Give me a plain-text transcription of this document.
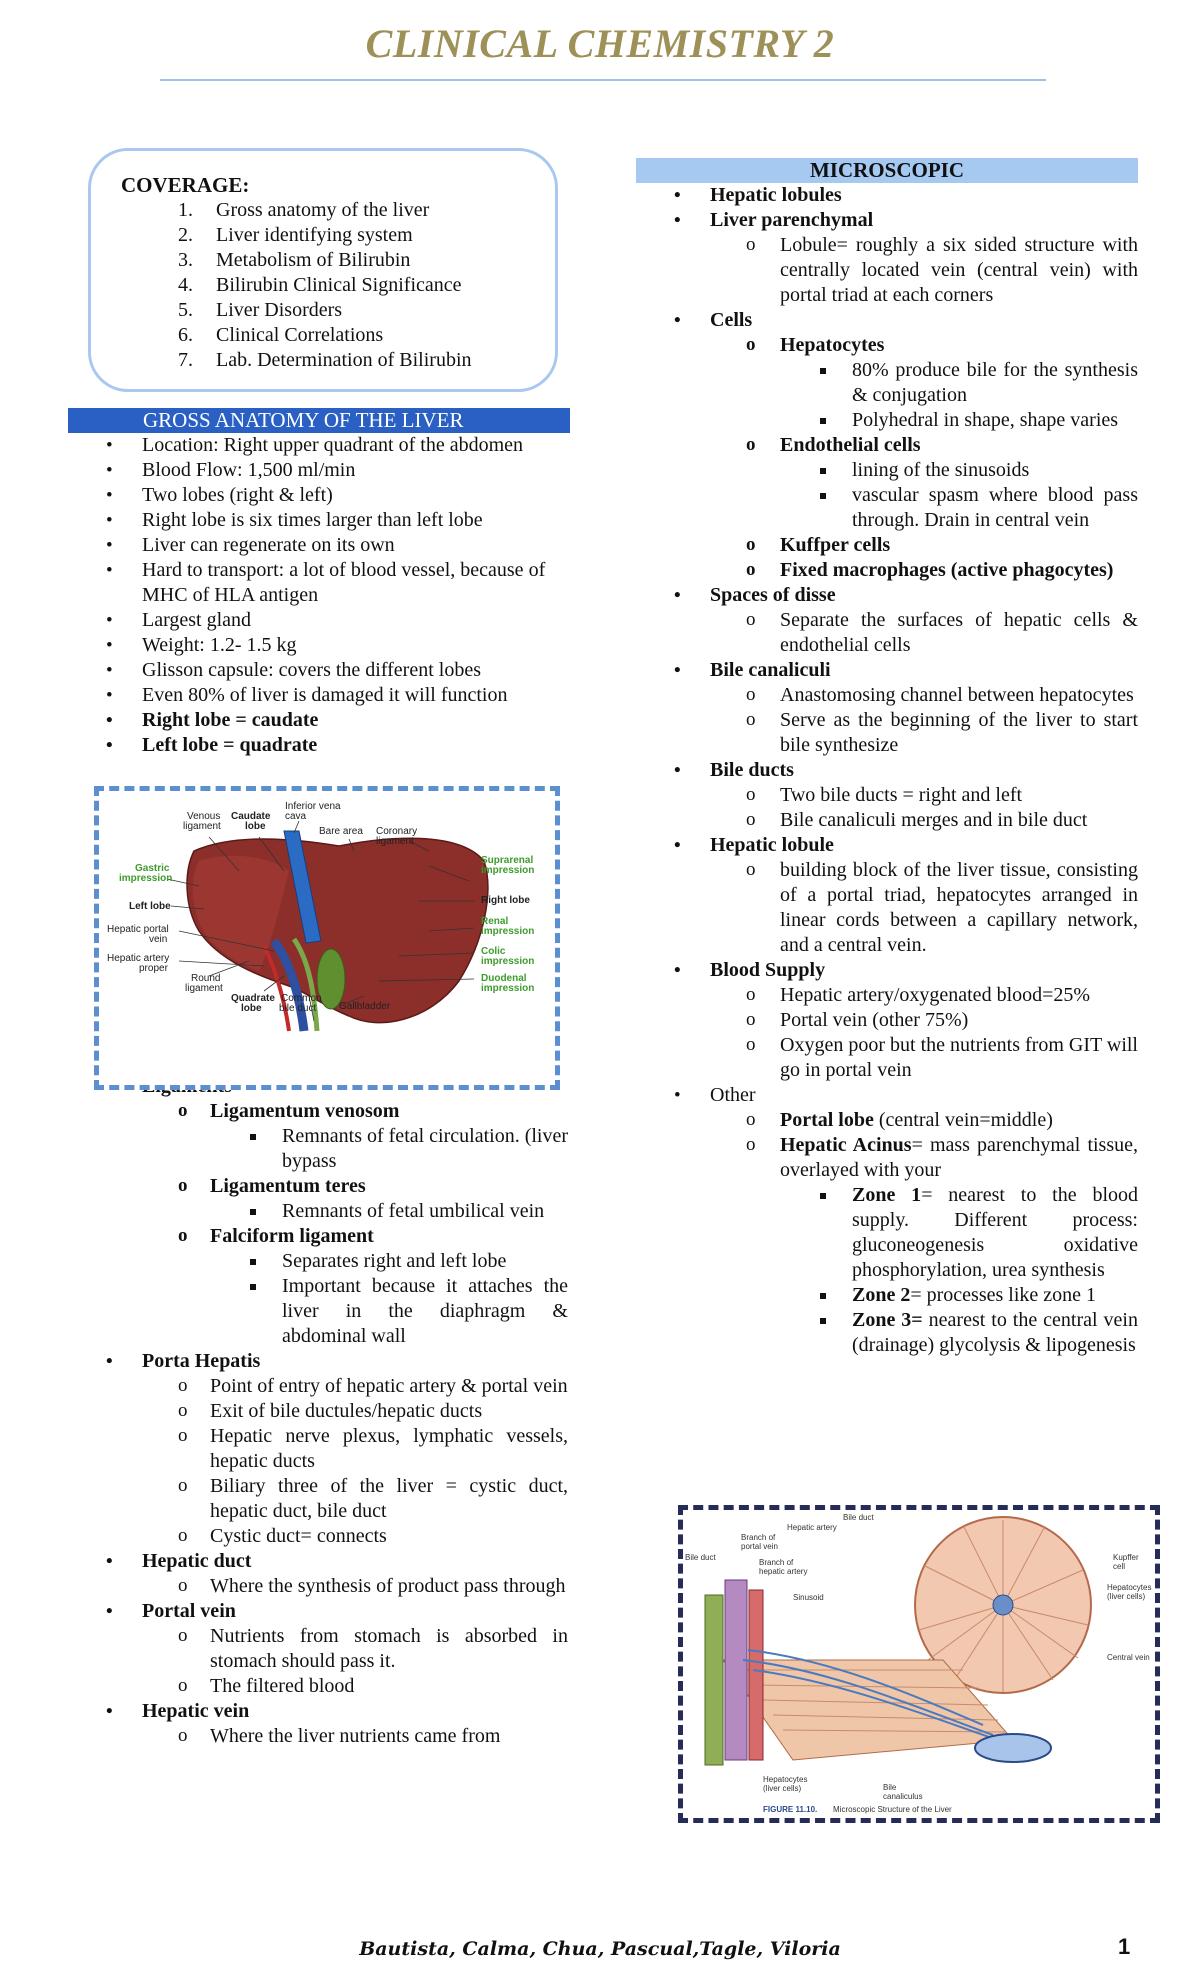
CLINICAL CHEMISTRY 2
COVERAGE:
1.	Gross anatomy of the liver
2.	Liver identifying system
3.	Metabolism of Bilirubin
4.	Bilirubin Clinical Significance
5.	Liver Disorders
6.	Clinical Correlations
7.	Lab. Determination of Bilirubin
GROSS ANATOMY OF THE LIVER
• Location: Right upper quadrant of the abdomen
• Blood Flow: 1,500 ml/min
• Two lobes (right & left)
• Right lobe is six times larger than left lobe
• Liver can regenerate on its own
• Hard to transport: a lot of blood vessel, because of MHC of HLA antigen
• Largest gland
• Weight: 1.2- 1.5 kg
• Glisson capsule: covers the different lobes
• Even 80% of liver is damaged it will function
• Right lobe = caudate
• Left lobe = quadrate
•
o Ligamentum venosom
Remnants of fetal circulation. (liver bypass
o Ligamentum teres
Remnants of fetal umbilical vein
o Falciform ligament
Separates right and left lobe
Important because it attaches the liver in the diaphragm & abdominal wall
• Porta Hepatis
o Point of entry of hepatic artery & portal vein
o Exit of bile ductules/hepatic ducts
o Hepatic nerve plexus, lymphatic vessels, hepatic ducts
o Biliary three of the liver = cystic duct, hepatic duct, bile duct
o Cystic duct= connects
• Hepatic duct
o Where the synthesis of product pass through
• Portal vein
o Nutrients from stomach is absorbed in stomach should pass it.
o The filtered blood
• Hepatic vein
o Where the liver nutrients came from
Venous
ligament
Caudate
lobe
Inferior vena
cava
Bare area Coronary
ligament
Gastric
impression
Left lobe
Hepatic portal
vein
Hepatic artery
proper
Round
ligament
Quadrate
lobe
Common
bile duct Gallbladder
Suprarenal
impression
Right lobe
Renal
impression
Colic
impression
Duodenal
impression
MICROSCOPIC
• Hepatic lobules
• Liver parenchymal
o Lobule= roughly a six sided structure with centrally located vein (central vein) with portal triad at each corners
• Cells
o Hepatocytes
80% produce bile for the synthesis & conjugation
Polyhedral in shape, shape varies
o Endothelial cells
lining of the sinusoids
vascular spasm where blood pass through. Drain in central vein
o Kuffper cells
o Fixed macrophages (active phagocytes)
• Spaces of disse
o Separate the surfaces of hepatic cells & endothelial cells
• Bile canaliculi
o Anastomosing channel between hepatocytes
o Serve as the beginning of the liver to start bile synthesize
• Bile ducts
o Two bile ducts = right and left
o Bile canaliculi merges and in bile duct
• Hepatic lobule
o building block of the liver tissue, consisting of a portal triad, hepatocytes arranged in linear cords between a capillary network, and a central vein.
• Blood Supply
o Hepatic artery/oxygenated blood=25%
o Portal vein (other 75%)
o Oxygen poor but the nutrients from GIT will go in portal vein
• Other
o Portal lobe (central vein=middle)
o Hepatic Acinus= mass parenchymal tissue, overlayed with your
Zone 1= nearest to the blood supply. Different process: gluconeogenesis oxidative phosphorylation, urea synthesis
Zone 2= processes like zone 1
Zone 3= nearest to the central vein (drainage) glycolysis & lipogenesis
Bile duct
Hepatic artery
Bile duct
Branch of
portal vein
Branch of
hepatic artery
Sinusoid
Kupffer
cell
Hepatocytes
(liver cells)
Central vein
Hepatocytes
(liver cells)	Bile
canaliculus
FIGURE 11.10. Microscopic Structure of the Liver
Bautista, Calma, Chua, Pascual,Tagle, Viloria	1
